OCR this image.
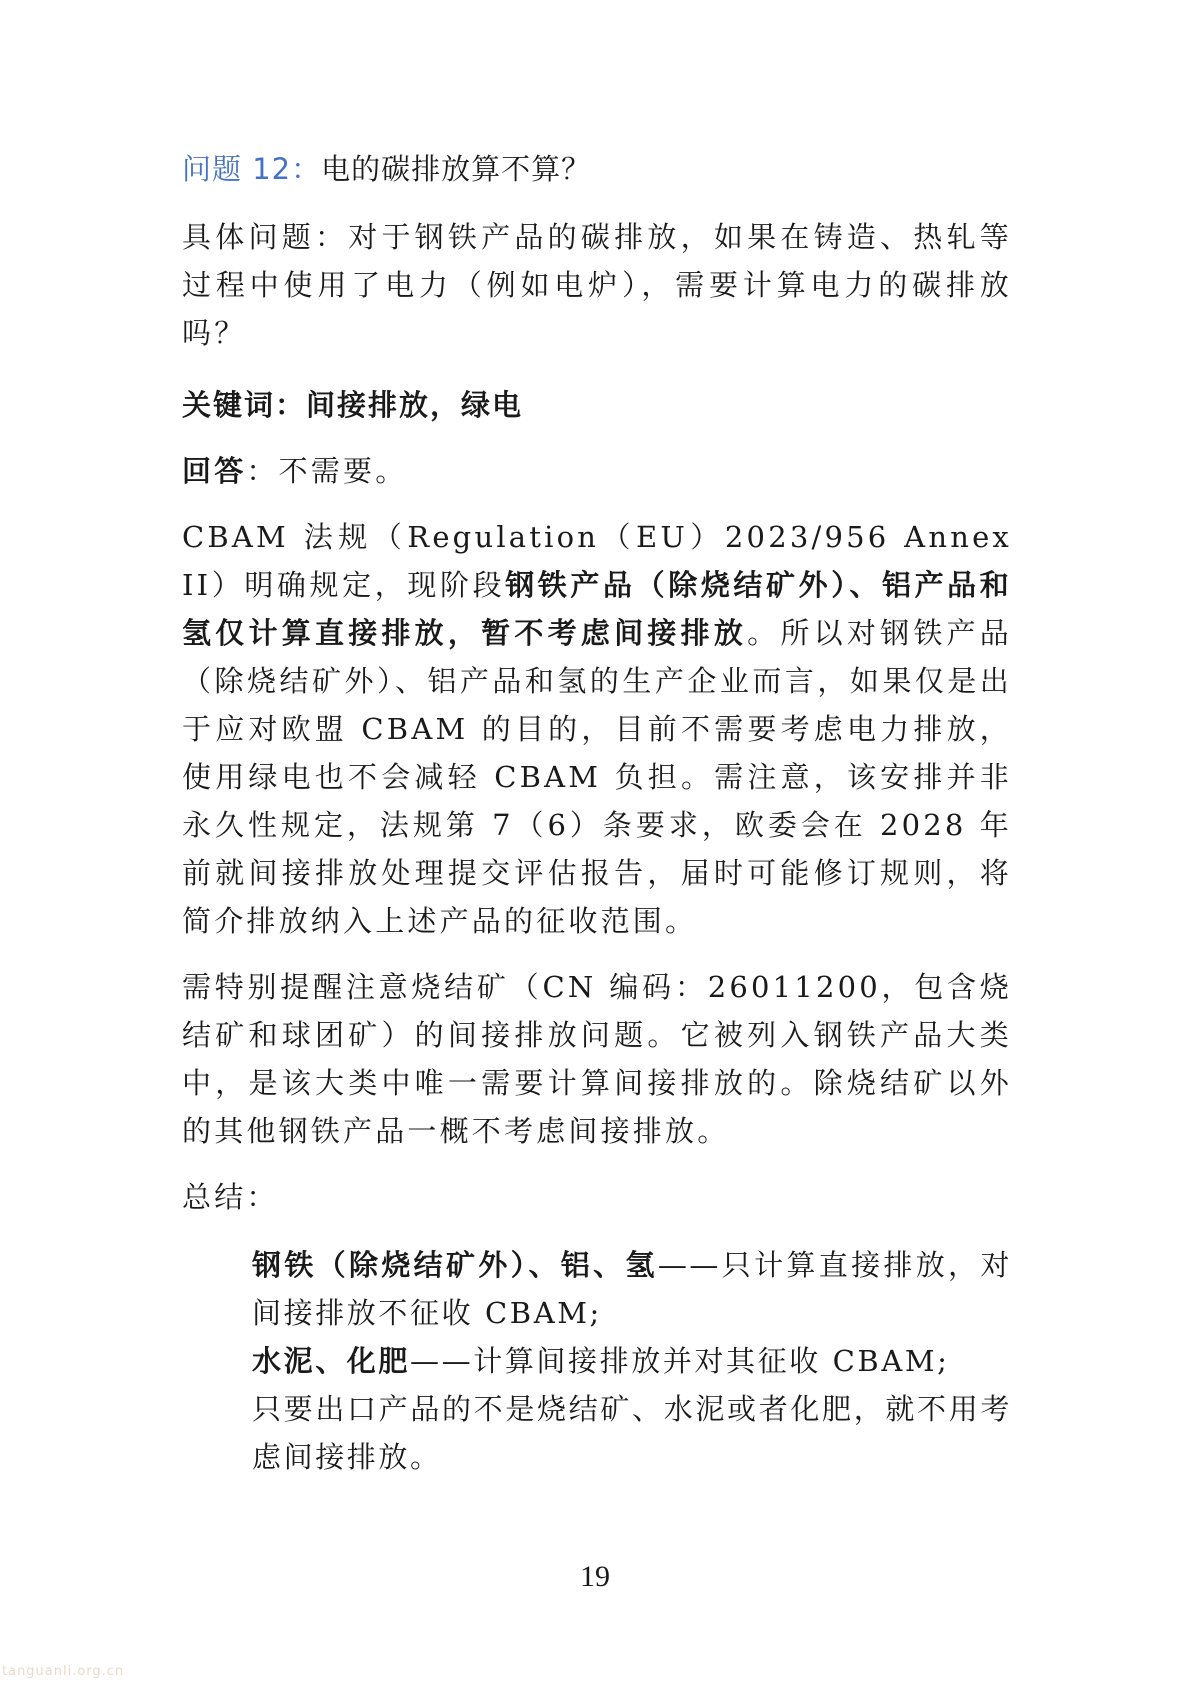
问题 12：电的碳排放算不算？

具体问题：对于钢铁产品的碳排放，如果在铸造、热轧等过程中使用了电力（例如电炉），需要计算电力的碳排放吗？

关键词：间接排放，绿电

回答：不需要。

CBAM 法规（Regulation（EU）2023/956 Annex II）明确规定，现阶段钢铁产品（除烧结矿外）、铝产品和氢仅计算直接排放，暂不考虑间接排放。所以对钢铁产品（除烧结矿外）、铝产品和氢的生产企业而言，如果仅是出于应对欧盟 CBAM 的目的，目前不需要考虑电力排放，使用绿电也不会减轻 CBAM 负担。需注意，该安排并非永久性规定，法规第 7（6）条要求，欧委会在 2028 年前就间接排放处理提交评估报告，届时可能修订规则，将简介排放纳入上述产品的征收范围。

需特别提醒注意烧结矿（CN 编码：26011200，包含烧结矿和球团矿）的间接排放问题。它被列入钢铁产品大类中，是该大类中唯一需要计算间接排放的。除烧结矿以外的其他钢铁产品一概不考虑间接排放。

总结：

钢铁（除烧结矿外）、铝、氢——只计算直接排放，对间接排放不征收 CBAM;

水泥、化肥——计算间接排放并对其征收 CBAM;

只要出口产品的不是烧结矿、水泥或者化肥，就不用考虑间接排放。

19
tanguanli.org.cn
